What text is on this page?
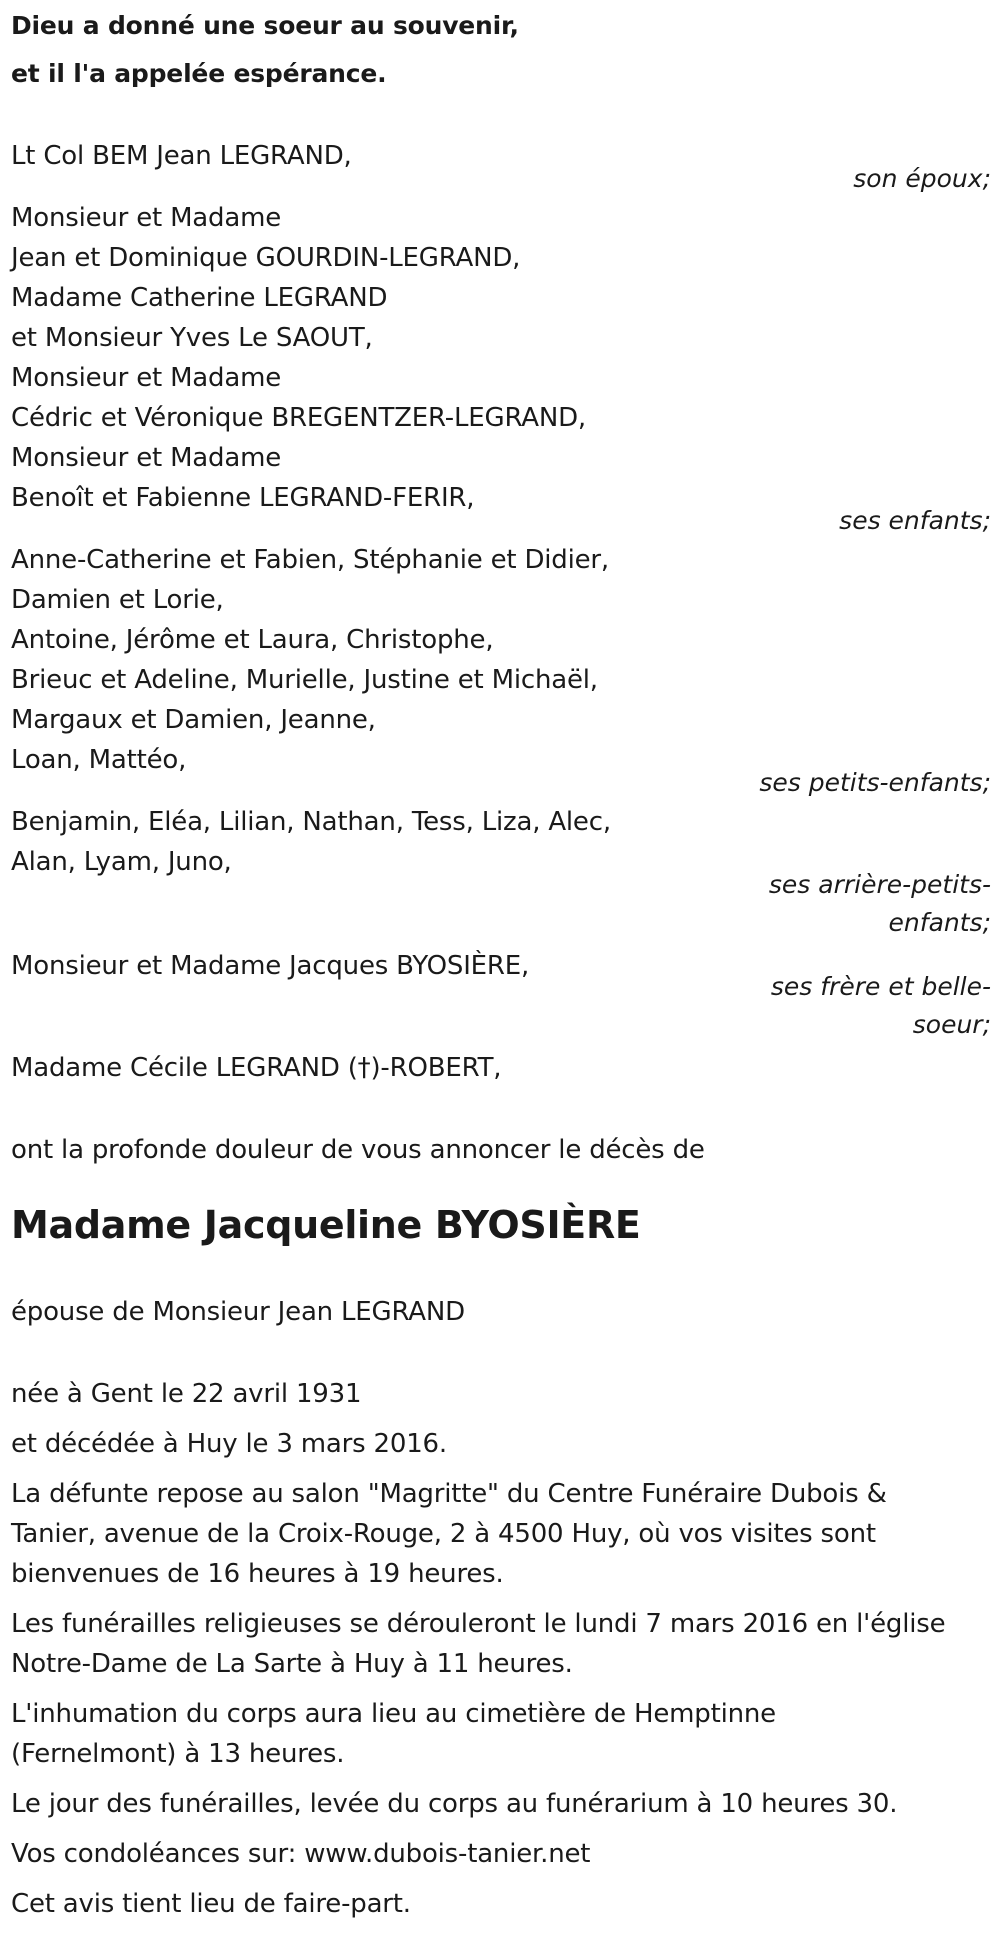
Dieu a donné une soeur au souvenir,
et il l'a appelée espérance.
Lt Col BEM Jean LEGRAND,
son époux;
Monsieur et Madame
Jean et Dominique GOURDIN-LEGRAND,
Madame Catherine LEGRAND
et Monsieur Yves Le SAOUT,
Monsieur et Madame
Cédric et Véronique BREGENTZER-LEGRAND,
Monsieur et Madame
Benoît et Fabienne LEGRAND-FERIR,
ses enfants;
Anne-Catherine et Fabien, Stéphanie et Didier,
Damien et Lorie,
Antoine, Jérôme et Laura, Christophe,
Brieuc et Adeline, Murielle, Justine et Michaël,
Margaux et Damien, Jeanne,
Loan, Mattéo,
ses petits-enfants;
Benjamin, Eléa, Lilian, Nathan, Tess, Liza, Alec,
Alan, Lyam, Juno,
ses arrière-petits-
enfants;
Monsieur et Madame Jacques BYOSIÈRE,
ses frère et belle-
soeur;
Madame Cécile LEGRAND (†)-ROBERT,
ont la profonde douleur de vous annoncer le décès de
Madame Jacqueline BYOSIÈRE
épouse de Monsieur Jean LEGRAND
née à Gent le 22 avril 1931
et décédée à Huy le 3 mars 2016.
La défunte repose au salon "Magritte" du Centre Funéraire Dubois &
Tanier, avenue de la Croix-Rouge, 2 à 4500 Huy, où vos visites sont
bienvenues de 16 heures à 19 heures.
Les funérailles religieuses se dérouleront le lundi 7 mars 2016 en l'église
Notre-Dame de La Sarte à Huy à 11 heures.
L'inhumation du corps aura lieu au cimetière de Hemptinne
(Fernelmont) à 13 heures.
Le jour des funérailles, levée du corps au funérarium à 10 heures 30.
Vos condoléances sur: www.dubois-tanier.net
Cet avis tient lieu de faire-part.
